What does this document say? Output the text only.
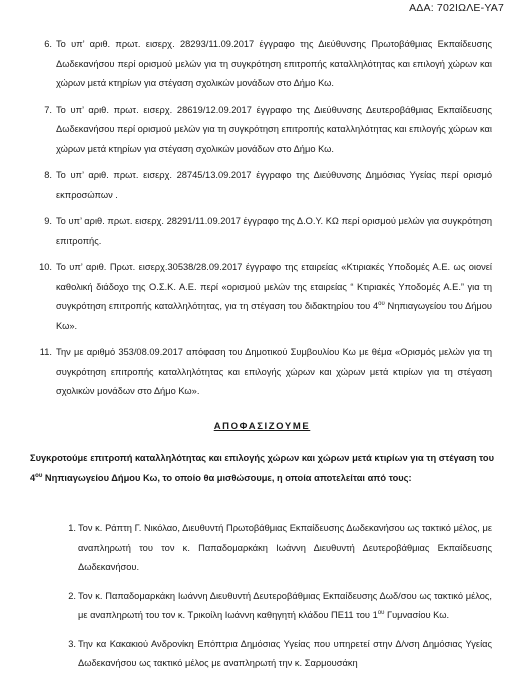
ΑΔΑ: 702ΙΩΛΕ-ΥΑ7
6. Το υπ’ αριθ. πρωτ. εισερχ. 28293/11.09.2017 έγγραφο της Διεύθυνσης Πρωτοβάθμιας Εκπαίδευσης Δωδεκανήσου περί ορισμού μελών για τη συγκρότηση επιτροπής καταλληλότητας και επιλογή χώρων και χώρων μετά κτηρίων για στέγαση σχολικών μονάδων στο Δήμο Κω.
7. Το υπ’ αριθ. πρωτ. εισερχ. 28619/12.09.2017 έγγραφο της Διεύθυνσης Δευτεροβάθμιας Εκπαίδευσης Δωδεκανήσου περί ορισμού μελών για τη συγκρότηση επιτροπής καταλληλότητας και επιλογής χώρων και χώρων μετά κτηρίων για στέγαση σχολικών μονάδων στο Δήμο Κω.
8. Το υπ’ αριθ. πρωτ. εισερχ. 28745/13.09.2017 έγγραφο της Διεύθυνσης Δημόσιας Υγείας περί ορισμό εκπροσώπων .
9. Το υπ’ αριθ. πρωτ. εισερχ. 28291/11.09.2017 έγγραφο της Δ.Ο.Υ. ΚΩ περί ορισμού μελών για συγκρότηση επιτροπής.
10. Το υπ’ αριθ. Πρωτ. εισερχ.30538/28.09.2017 έγγραφο της εταιρείας «Κτιριακές Υποδομές Α.Ε. ως οιονεί καθολική διάδοχο της Ο.Σ.Κ. Α.Ε. περί «ορισμού μελών της εταιρείας “ Κτιριακές Υποδομές Α.Ε.” για τη συγκρότηση επιτροπής καταλληλότητας, για τη στέγαση του διδακτηρίου του $4^{o\upsilon}$ Νηπιαγωγείου του Δήμου Κω».
11. Την με αριθμό 353/08.09.2017 απόφαση του Δημοτικού Συμβουλίου Κω με θέμα «Ορισμός μελών για τη συγκρότηση επιτροπής καταλληλότητας και επιλογής χώρων και χώρων μετά κτιρίων για τη στέγαση σχολικών μονάδων στο Δήμο Κω».
ΑΠΟΦΑΣΙΖΟΥΜΕ
Συγκροτούμε επιτροπή καταλληλότητας και επιλογής χώρων και χώρων μετά κτιρίων για τη στέγαση του $4^{o\upsilon}$ Νηπιαγωγείου Δήμου Κω, το οποίο θα μισθώσουμε, η οποία αποτελείται από τους:
1. Τον κ. Ράπτη Γ. Νικόλαο, Διευθυντή Πρωτοβάθμιας Εκπαίδευσης Δωδεκανήσου ως τακτικό μέλος, με αναπληρωτή του τον κ. Παπαδομαρκάκη Ιωάννη Διευθυντή Δευτεροβάθμιας Εκπαίδευσης Δωδεκανήσου.
2. Τον κ. Παπαδομαρκάκη Ιωάννη Διευθυντή Δευτεροβάθμιας Εκπαίδευσης Δωδ/σου ως τακτικό μέλος, με αναπληρωτή του τον κ. Τρικοίλη Ιωάννη καθηγητή κλάδου ΠΕ11 του $1^{o\upsilon}$ Γυμνασίου Κω.
3. Την κα Κακακιού Ανδρονίκη Επόπτρια Δημόσιας Υγείας που υπηρετεί στην Δ/νση Δημόσιας Υγείας Δωδεκανήσου ως τακτικό μέλος με αναπληρωτή την κ. Σαρμουσάκη
